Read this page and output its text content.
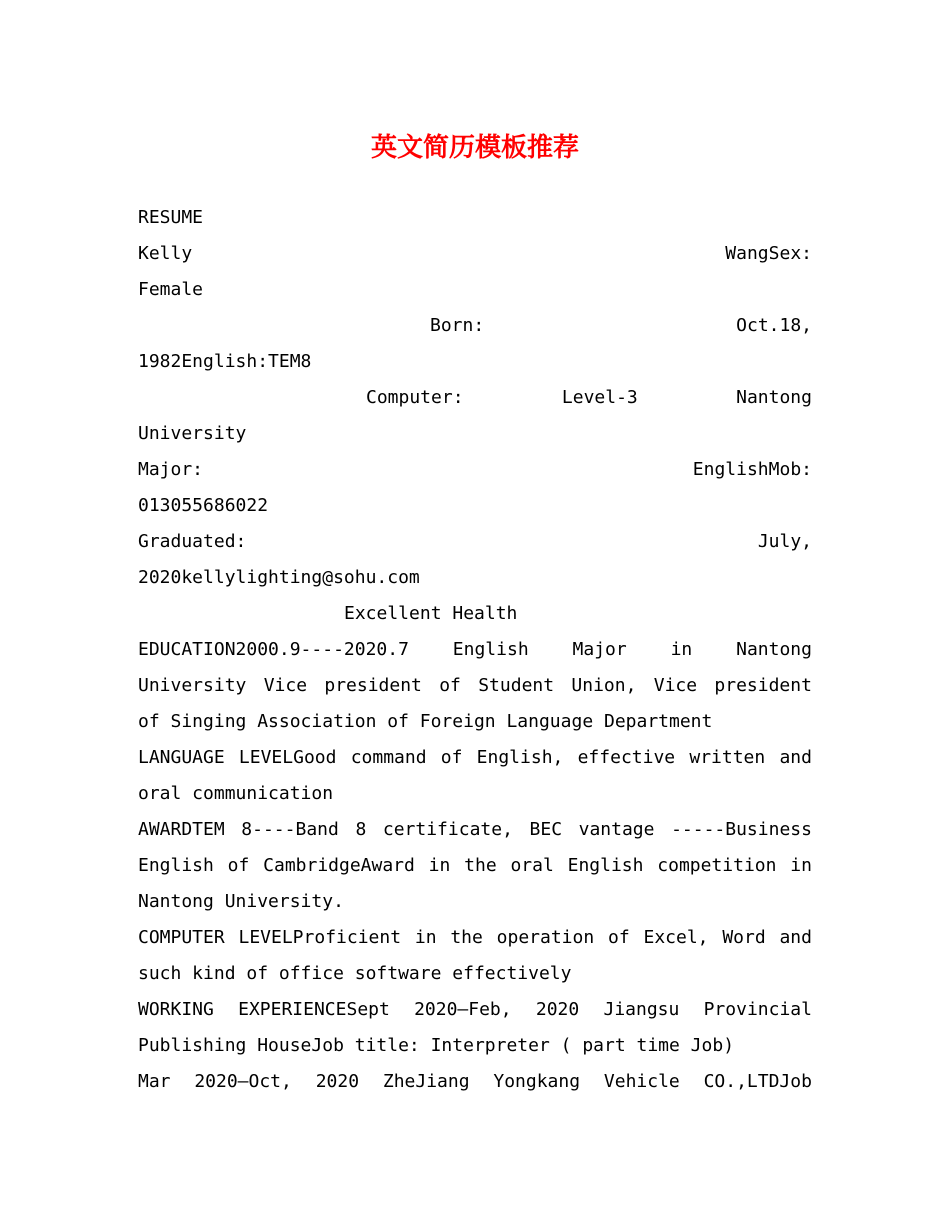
英文简历模板推荐
RESUME
Kelly	WangSex:
Female
Born:	Oct.18,
1982English:TEM8
Computer:	Level-3	Nantong
University
Major:	EnglishMob:
013055686022
Graduated:	July,
2020kellylighting@sohu.com
Excellent Health
EDUCATION2000.9----2020.7 English Major in Nantong
University Vice president of Student Union, Vice president
of Singing Association of Foreign Language Department
LANGUAGE LEVELGood command of English, effective written and
oral communication
AWARDTEM 8----Band 8 certificate, BEC vantage -----Business
English of CambridgeAward in the oral English competition in
Nantong University.
COMPUTER LEVELProficient in the operation of Excel, Word and
such kind of office software effectively
WORKING EXPERIENCESept 2020—Feb, 2020 Jiangsu Provincial
Publishing HouseJob title: Interpreter ( part time Job)
Mar 2020—Oct, 2020 ZheJiang Yongkang Vehicle CO.,LTDJob
